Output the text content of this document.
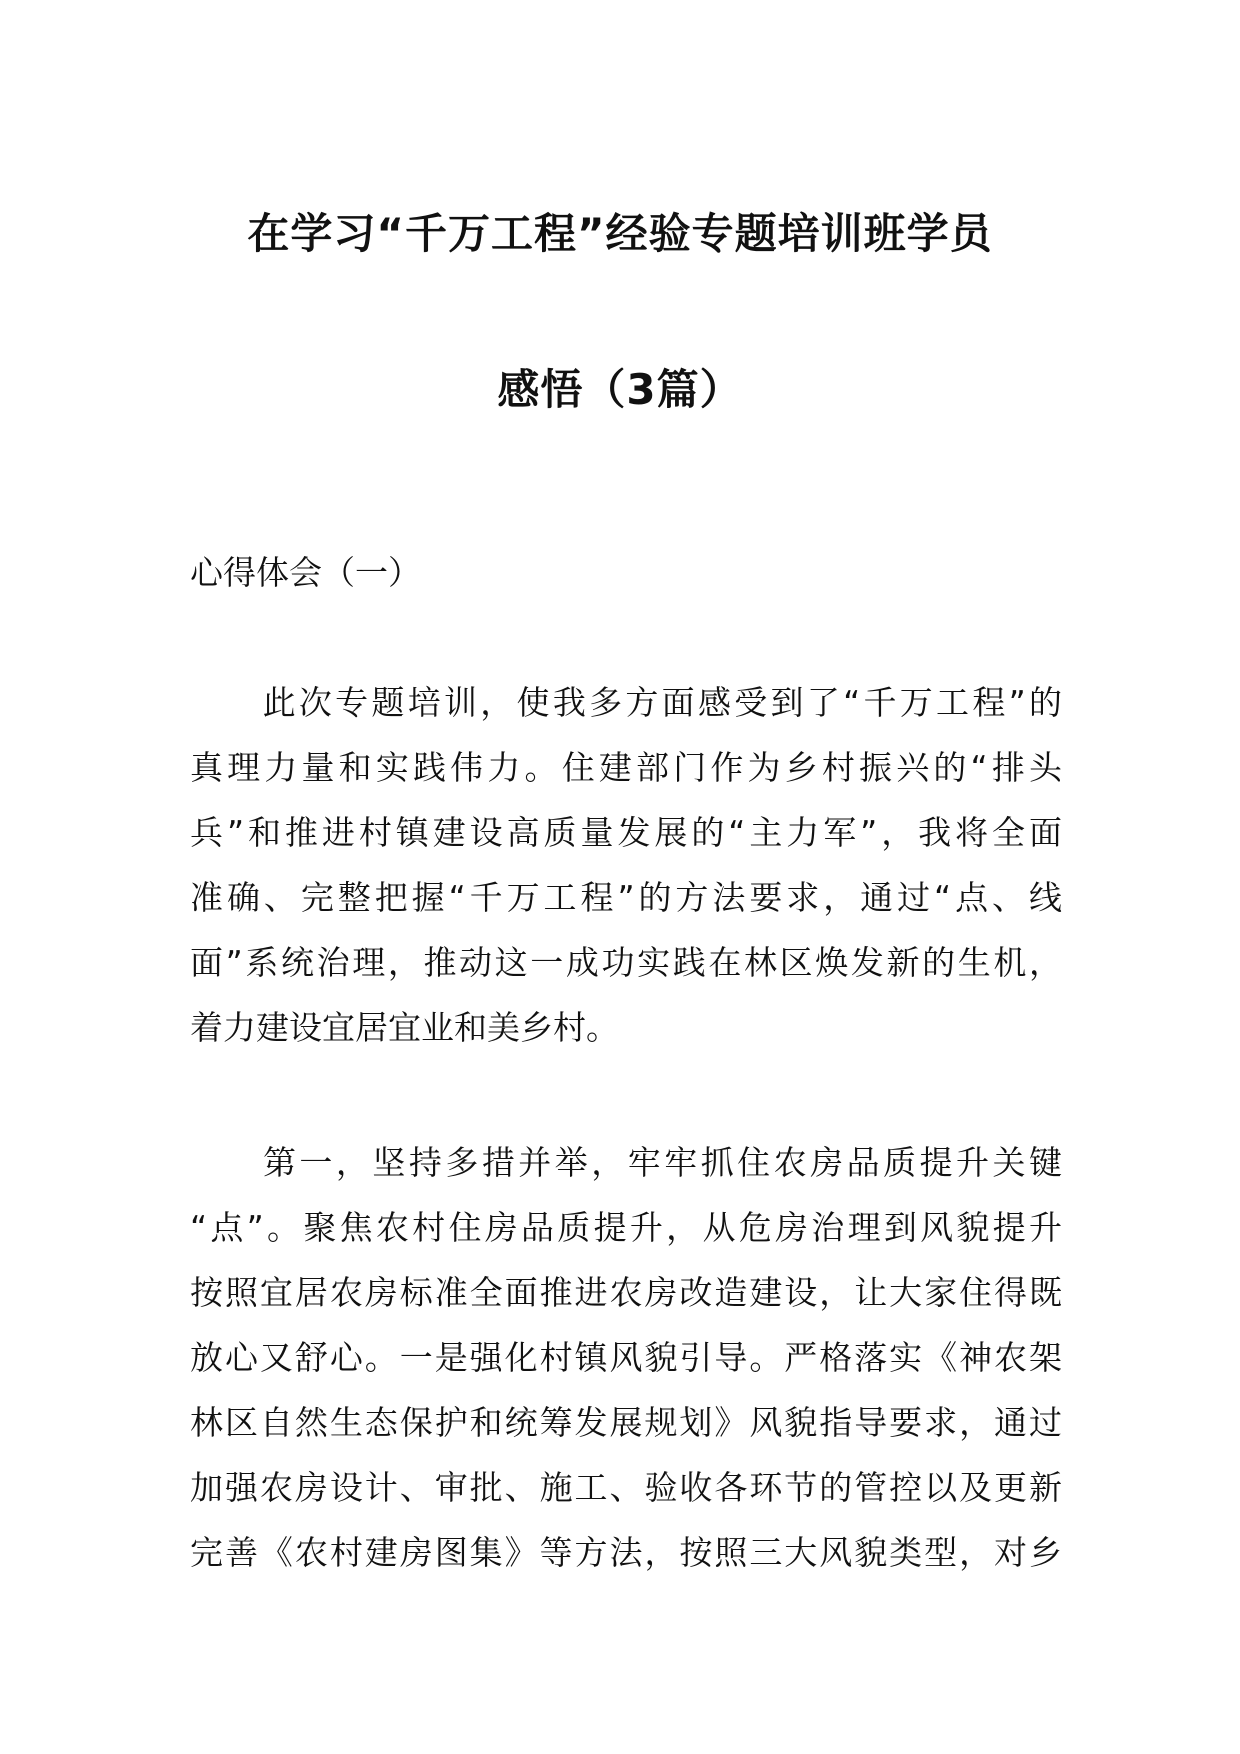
在学习“千万工程”经验专题培训班学员
感悟（3篇）
心得体会（一）
　　此次专题培训，使我多方面感受到了“千万工程”的
真理力量和实践伟力。住建部门作为乡村振兴的“排头
兵”和推进村镇建设高质量发展的“主力军”，我将全面
准确、完整把握“千万工程”的方法要求，通过“点、线
面”系统治理，推动这一成功实践在林区焕发新的生机，
着力建设宜居宜业和美乡村。
　　第一，坚持多措并举，牢牢抓住农房品质提升关键
“点”。聚焦农村住房品质提升，从危房治理到风貌提升
按照宜居农房标准全面推进农房改造建设，让大家住得既
放心又舒心。一是强化村镇风貌引导。严格落实《神农架
林区自然生态保护和统筹发展规划》风貌指导要求，通过
加强农房设计、审批、施工、验收各环节的管控以及更新
完善《农村建房图集》等方法，按照三大风貌类型，对乡
